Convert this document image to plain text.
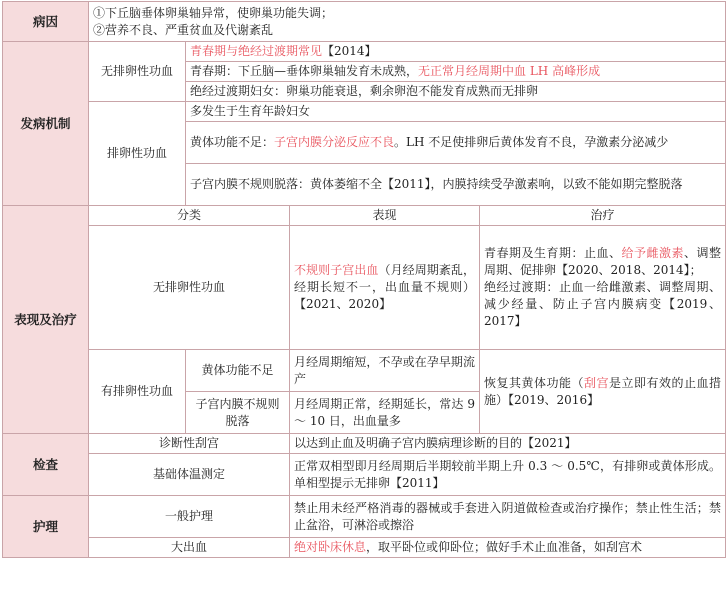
病因	①下丘脑垂体卵巢轴异常，使卵巢功能失调；
②营养不良、严重贫血及代谢紊乱			

发病机制	无排卵性功血	青春期与绝经过渡期常见【2014】		
		青春期：下丘脑—垂体卵巢轴发育未成熟，无正常月经周期中血 LH 高峰形成		
		绝经过渡期妇女：卵巢功能衰退，剩余卵泡不能发育成熟而无排卵		
	排卵性功血	多发生于生育年龄妇女		
		黄体功能不足：子宫内膜分泌反应不良。LH 不足使排卵后黄体发育不良，孕激素分泌减少		
		子宫内膜不规则脱落：黄体萎缩不全【2011】，内膜持续受孕激素响，以致不能如期完整脱落		
表现及治疗	分类		表现	治疗
	无排卵性功血		不规则子宫出血（月经周期紊乱，经期长短不一，出血量不规则）【2021、2020】	青春期及生育期：止血、给予雌激素、调整周期、促排卵【2020、2018、2014】；
绝经过渡期：止血一给雌激素、调整周期、减少经量、防止子宫内膜病变【2019、2017】

	有排卵性功血	黄体功能不足	月经周期缩短，不孕或在孕早期流产	恢复其黄体功能（刮宫是立即有效的止血措施）【2019、2016】
		子宫内膜不规则脱落	月经周期正常，经期延长，常达 9 ～ 10 日，出血量多	

检查	诊断性刮宫		以达到止血及明确子宫内膜病理诊断的目的【2021】	
	基础体温测定		正常双相型即月经周期后半期较前半期上升 0.3 ～ 0.5℃，有排卵或黄体形成。单相型提示无排卵【2011】	
护理	一般护理		禁止用未经严格消毒的器械或手套进入阴道做检查或治疗操作；禁止性生活；禁止盆浴，可淋浴或擦浴	
	大出血		绝对卧床休息，取平卧位或仰卧位；做好手术止血准备，如刮宫术	
